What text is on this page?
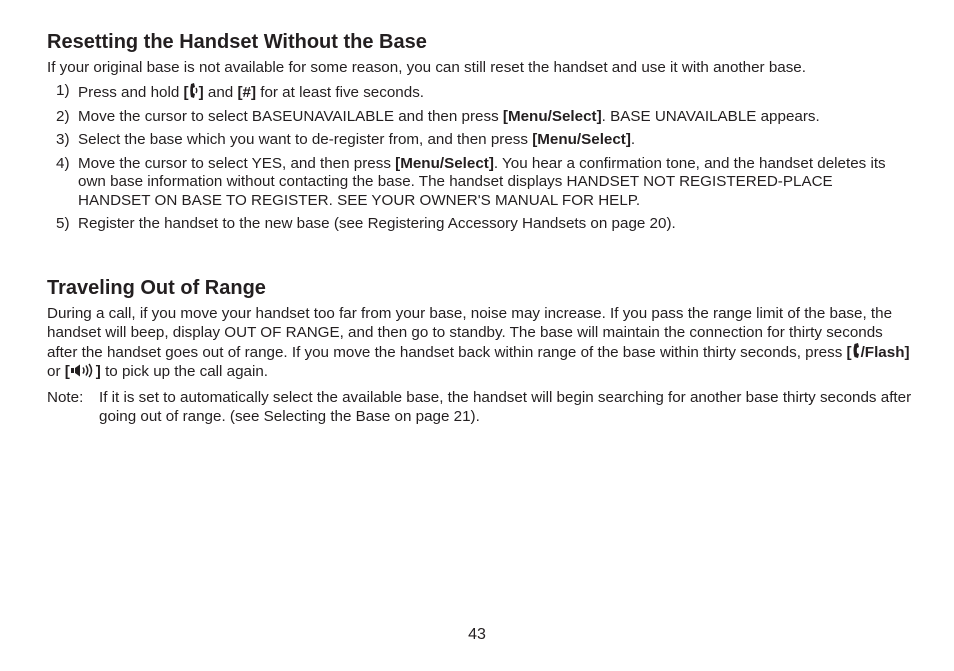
Resetting the Handset Without the Base

If your original base is not available for some reason, you can still reset the handset and use it with another base.

1) Press and hold [ ] and [#] for at least five seconds.
2) Move the cursor to select BASEUNAVAILABLE and then press [Menu/Select]. BASE UNAVAILABLE appears.
3) Select the base which you want to de-register from, and then press [Menu/Select].
4) Move the cursor to select YES, and then press [Menu/Select]. You hear a confirmation tone, and the handset deletes its own base information without contacting the base. The handset displays HANDSET NOT REGISTERED-PLACE HANDSET ON BASE TO REGISTER. SEE YOUR OWNER'S MANUAL FOR HELP.
5) Register the handset to the new base (see Registering Accessory Handsets on page 20).
Traveling Out of Range

During a call, if you move your handset too far from your base, noise may increase. If you pass the range limit of the base, the handset will beep, display OUT OF RANGE, and then go to standby. The base will maintain the connection for thirty seconds after the handset goes out of range. If you move the handset back within range of the base within thirty seconds, press [ /Flash] or [ ] to pick up the call again.

Note:	If it is set to automatically select the available base, the handset will begin searching for another base thirty seconds after going out of range. (see Selecting the Base on page 21).

43
